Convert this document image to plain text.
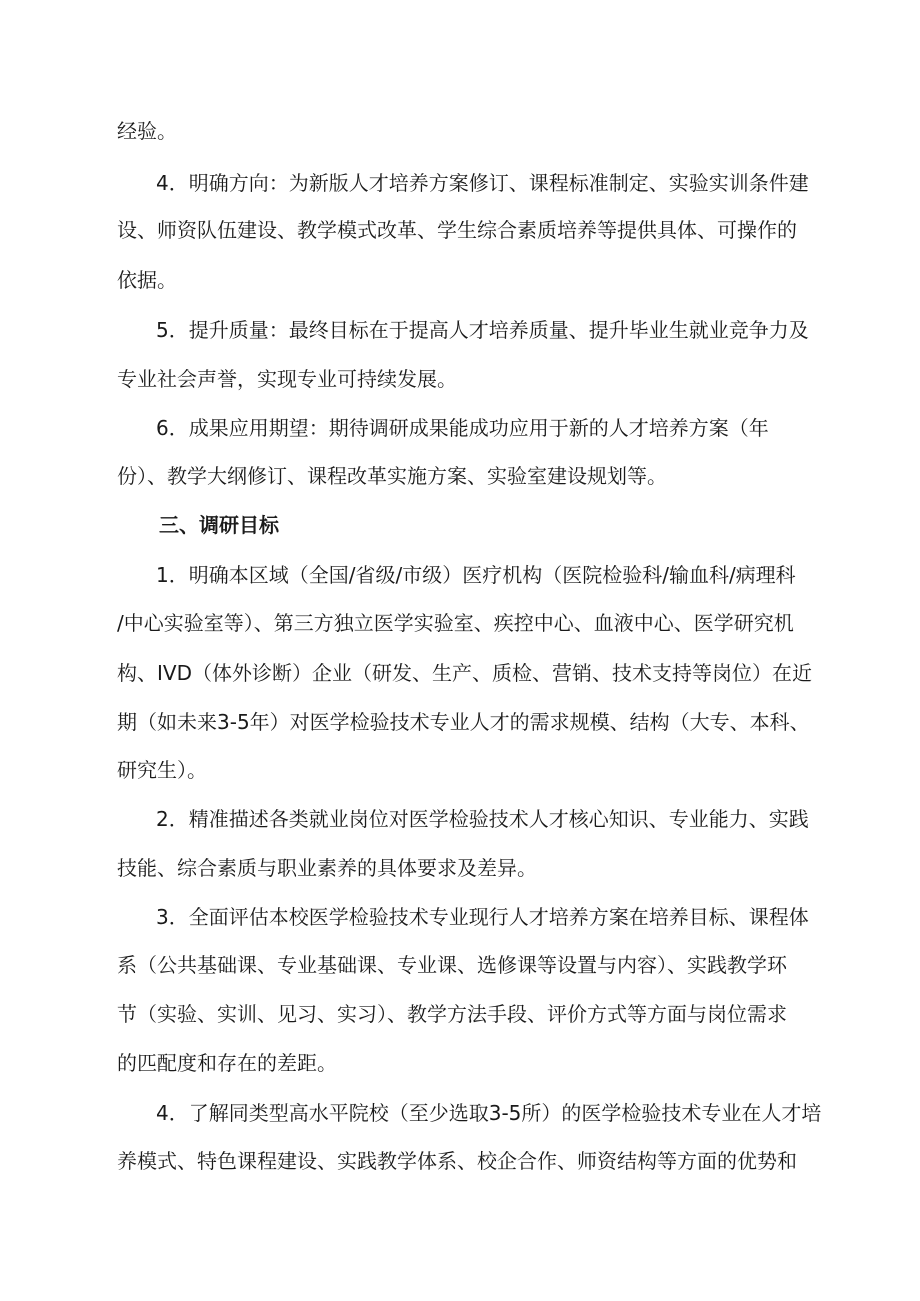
经验。
4．明确方向：为新版人才培养方案修订、课程标准制定、实验实训条件建
设、师资队伍建设、教学模式改革、学生综合素质培养等提供具体、可操作的
依据。
5．提升质量：最终目标在于提高人才培养质量、提升毕业生就业竞争力及
专业社会声誉，实现专业可持续发展。
6．成果应用期望：期待调研成果能成功应用于新的人才培养方案（年
份）、教学大纲修订、课程改革实施方案、实验室建设规划等。
三、调研目标
1．明确本区域（全国/省级/市级）医疗机构（医院检验科/输血科/病理科
/中心实验室等）、第三方独立医学实验室、疾控中心、血液中心、医学研究机
构、IVD（体外诊断）企业（研发、生产、质检、营销、技术支持等岗位）在近
期（如未来3-5年）对医学检验技术专业人才的需求规模、结构（大专、本科、
研究生）。
2．精准描述各类就业岗位对医学检验技术人才核心知识、专业能力、实践
技能、综合素质与职业素养的具体要求及差异。
3．全面评估本校医学检验技术专业现行人才培养方案在培养目标、课程体
系（公共基础课、专业基础课、专业课、选修课等设置与内容）、实践教学环
节（实验、实训、见习、实习）、教学方法手段、评价方式等方面与岗位需求
的匹配度和存在的差距。
4．了解同类型高水平院校（至少选取3-5所）的医学检验技术专业在人才培
养模式、特色课程建设、实践教学体系、校企合作、师资结构等方面的优势和
